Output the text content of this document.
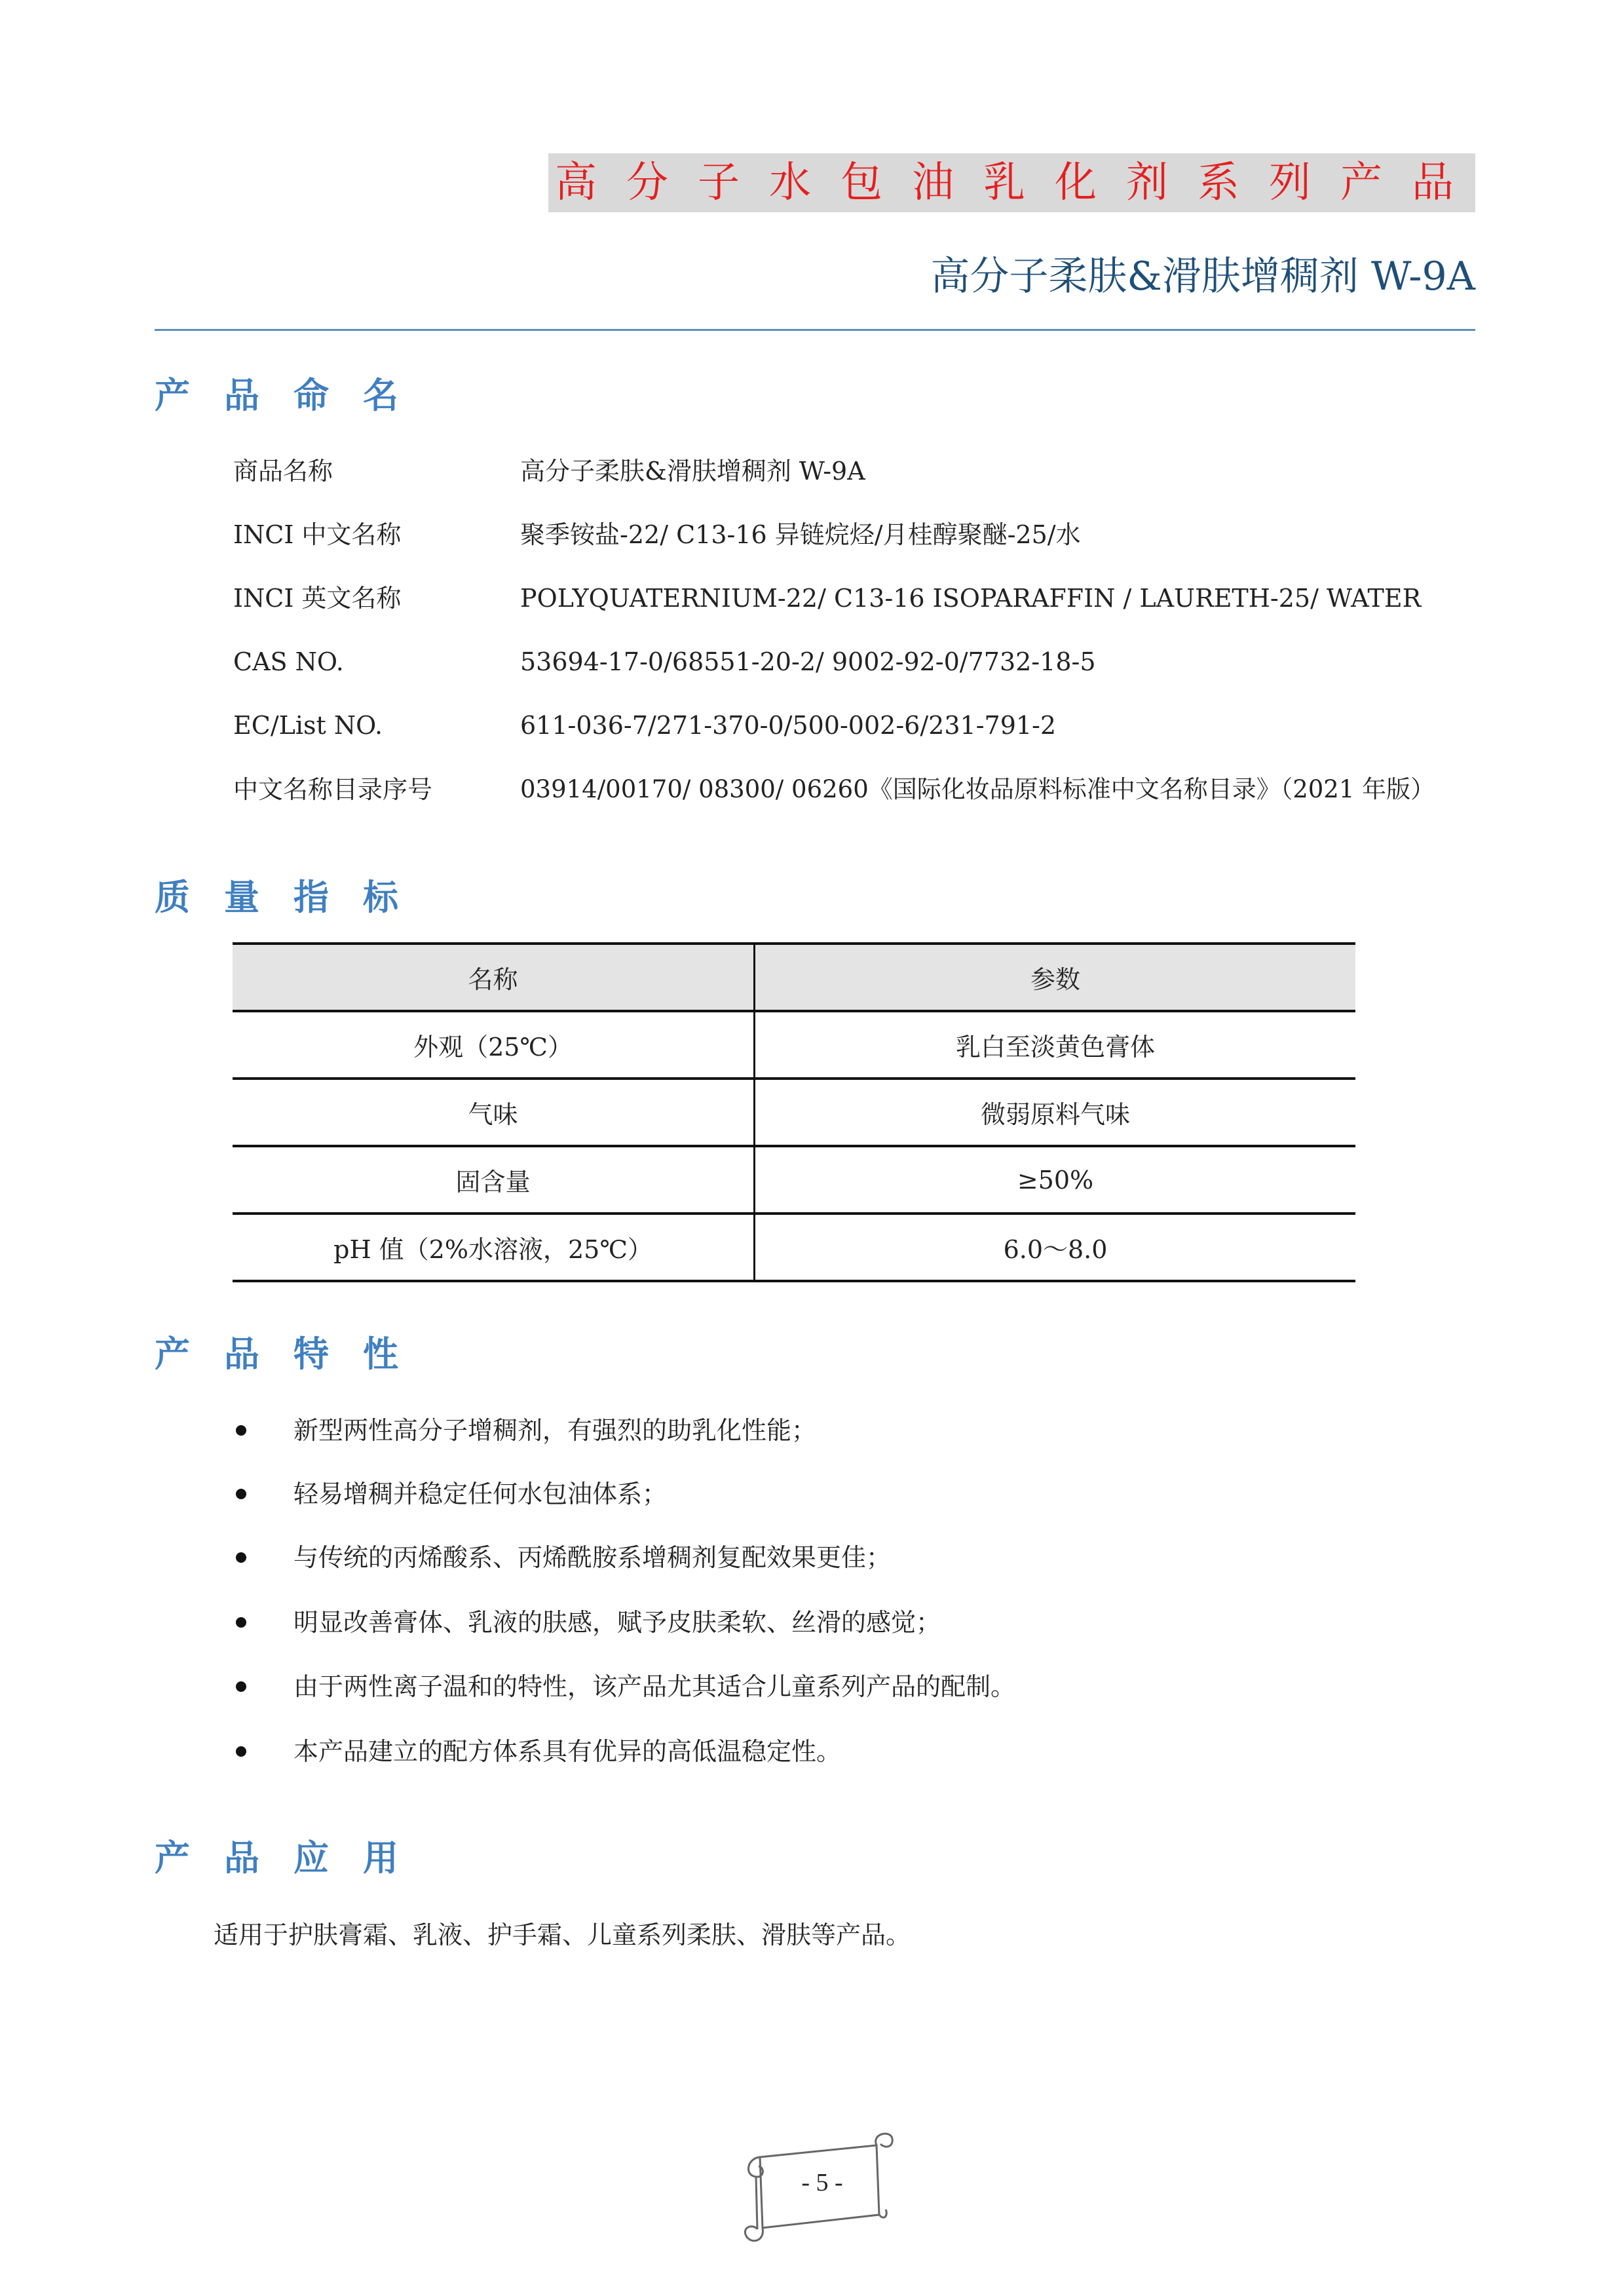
高分子水包油乳化剂系列产品
高分子柔肤&滑肤增稠剂 W-9A
产品命名
商品名称	高分子柔肤&滑肤增稠剂 W-9A
INCI 中文名称	聚季铵盐-22/ C13-16 异链烷烃/月桂醇聚醚-25/水
INCI 英文名称	POLYQUATERNIUM-22/ C13-16 ISOPARAFFIN / LAURETH-25/ WATER
CAS NO.	53694-17-0/68551-20-2/ 9002-92-0/7732-18-5
EC/List NO.	611-036-7/271-370-0/500-002-6/231-791-2
中文名称目录序号	03914/00170/ 08300/ 06260《国际化妆品原料标准中文名称目录》（2021 年版）
质量指标
名称	参数
外观（25℃）	乳白至淡黄色膏体
气味	微弱原料气味
固含量	≥50%
pH 值（2%水溶液，25℃）	6.0～8.0
产品特性
新型两性高分子增稠剂，有强烈的助乳化性能；
轻易增稠并稳定任何水包油体系；
与传统的丙烯酸系、丙烯酰胺系增稠剂复配效果更佳；
明显改善膏体、乳液的肤感，赋予皮肤柔软、丝滑的感觉；
由于两性离子温和的特性，该产品尤其适合儿童系列产品的配制。
本产品建立的配方体系具有优异的高低温稳定性。
产品应用
适用于护肤膏霜、乳液、护手霜、儿童系列柔肤、滑肤等产品。
- 5 -
